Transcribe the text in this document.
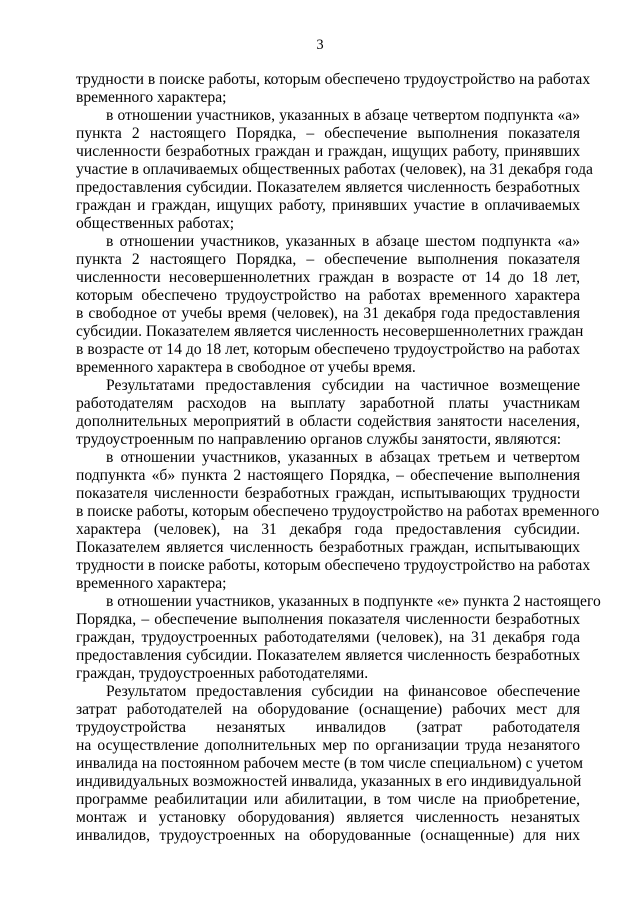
3
трудности в поиске работы, которым обеспечено трудоустройство на работах
временного характера;
в отношении участников, указанных в абзаце четвертом подпункта «а»
пункта 2 настоящего Порядка, – обеспечение выполнения показателя
численности безработных граждан и граждан, ищущих работу, принявших
участие в оплачиваемых общественных работах (человек), на 31 декабря года
предоставления субсидии. Показателем является численность безработных
граждан и граждан, ищущих работу, принявших участие в оплачиваемых
общественных работах;
в отношении участников, указанных в абзаце шестом подпункта «а»
пункта 2 настоящего Порядка, – обеспечение выполнения показателя
численности несовершеннолетних граждан в возрасте от 14 до 18 лет,
которым обеспечено трудоустройство на работах временного характера
в свободное от учебы время (человек), на 31 декабря года предоставления
субсидии. Показателем является численность несовершеннолетних граждан
в возрасте от 14 до 18 лет, которым обеспечено трудоустройство на работах
временного характера в свободное от учебы время.
Результатами предоставления субсидии на частичное возмещение
работодателям расходов на выплату заработной платы участникам
дополнительных мероприятий в области содействия занятости населения,
трудоустроенным по направлению органов службы занятости, являются:
в отношении участников, указанных в абзацах третьем и четвертом
подпункта «б» пункта 2 настоящего Порядка, – обеспечение выполнения
показателя численности безработных граждан, испытывающих трудности
в поиске работы, которым обеспечено трудоустройство на работах временного
характера (человек), на 31 декабря года предоставления субсидии.
Показателем является численность безработных граждан, испытывающих
трудности в поиске работы, которым обеспечено трудоустройство на работах
временного характера;
в отношении участников, указанных в подпункте «е» пункта 2 настоящего
Порядка, – обеспечение выполнения показателя численности безработных
граждан, трудоустроенных работодателями (человек), на 31 декабря года
предоставления субсидии. Показателем является численность безработных
граждан, трудоустроенных работодателями.
Результатом предоставления субсидии на финансовое обеспечение
затрат работодателей на оборудование (оснащение) рабочих мест для
трудоустройства незанятых инвалидов (затрат работодателя
на осуществление дополнительных мер по организации труда незанятого
инвалида на постоянном рабочем месте (в том числе специальном) с учетом
индивидуальных возможностей инвалида, указанных в его индивидуальной
программе реабилитации или абилитации, в том числе на приобретение,
монтаж и установку оборудования) является численность незанятых
инвалидов, трудоустроенных на оборудованные (оснащенные) для них
